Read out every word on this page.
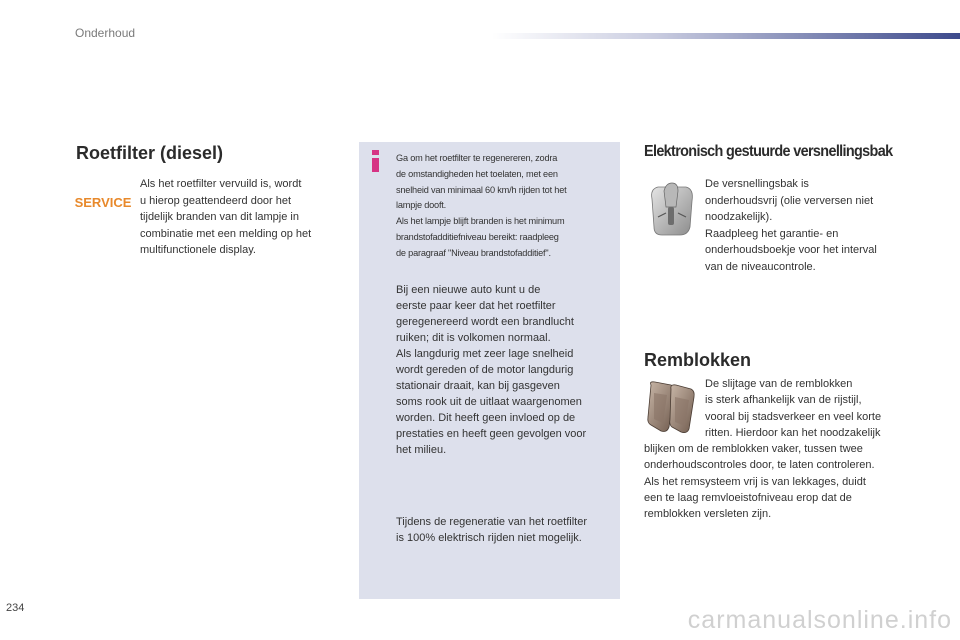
Onderhoud
Roetfilter (diesel)
SERVICE
Als het roetfilter vervuild is, wordt
u hierop geattendeerd door het
tijdelijk branden van dit lampje in
combinatie met een melding op het
multifunctionele display.
Ga om het roetfilter te regenereren, zodra
de omstandigheden het toelaten, met een
snelheid van minimaal 60 km/h rijden tot het
lampje dooft.
Als het lampje blijft branden is het minimum
brandstofadditiefniveau bereikt: raadpleeg
de paragraaf "Niveau brandstofadditief".
Bij een nieuwe auto kunt u de
eerste paar keer dat het roetfilter
geregenereerd wordt een brandlucht
ruiken; dit is volkomen normaal.
Als langdurig met zeer lage snelheid
wordt gereden of de motor langdurig
stationair draait, kan bij gasgeven
soms rook uit de uitlaat waargenomen
worden. Dit heeft geen invloed op de
prestaties en heeft geen gevolgen voor
het milieu.
Tijdens de regeneratie van het roetfilter
is 100% elektrisch rijden niet mogelijk.
Elektronisch gestuurde versnellingsbak
De versnellingsbak is
onderhoudsvrij (olie verversen niet
noodzakelijk).
Raadpleeg het garantie- en
onderhoudsboekje voor het interval
van de niveaucontrole.
Remblokken
De slijtage van de remblokken
is sterk afhankelijk van de rijstijl,
vooral bij stadsverkeer en veel korte
ritten. Hierdoor kan het noodzakelijk
blijken om de remblokken vaker, tussen twee
onderhoudscontroles door, te laten controleren.
Als het remsysteem vrij is van lekkages, duidt
een te laag remvloeistofniveau erop dat de
remblokken versleten zijn.
234	carmanualsonline.info
